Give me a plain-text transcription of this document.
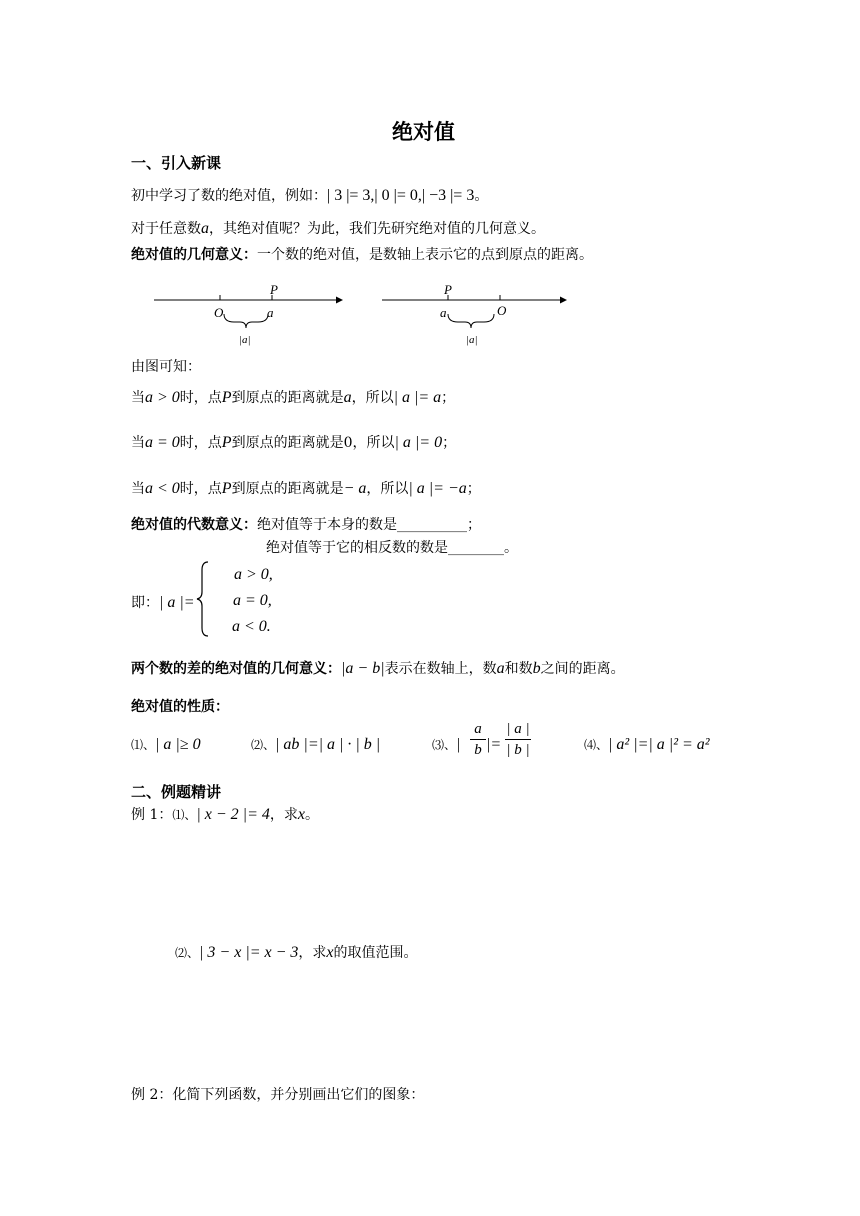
绝对值
一、引入新课
初中学习了数的绝对值，例如：| 3 |= 3,| 0 |= 0,| −3 |= 3。
对于任意数a，其绝对值呢？为此，我们先研究绝对值的几何意义。
绝对值的几何意义：一个数的绝对值，是数轴上表示它的点到原点的距离。
P
O	a
|a|
P
a	O
|a|
由图可知：
当a > 0时，点P到原点的距离就是a，所以| a |= a；
当a = 0时，点P到原点的距离就是0，所以| a |= 0；
当a < 0时，点P到原点的距离就是− a，所以| a |= −a；
绝对值的代数意义：绝对值等于本身的数是__________；
绝对值等于它的相反数的数是________。
即：| a |=
a > 0,
a = 0,
a < 0.
两个数的差的绝对值的几何意义：|a − b|表示在数轴上，数a和数b之间的距离。
绝对值的性质：
⑴、| a |≥ 0	⑵、| ab |=| a | · | b |	⑶、|
a
b |=
| a |
| b |	⑷、| a² |=| a |² = a²
二、例题精讲
例 1：⑴、| x − 2 |= 4，求x。
⑵、| 3 − x |= x − 3，求x的取值范围。
例 2：化简下列函数，并分别画出它们的图象：
